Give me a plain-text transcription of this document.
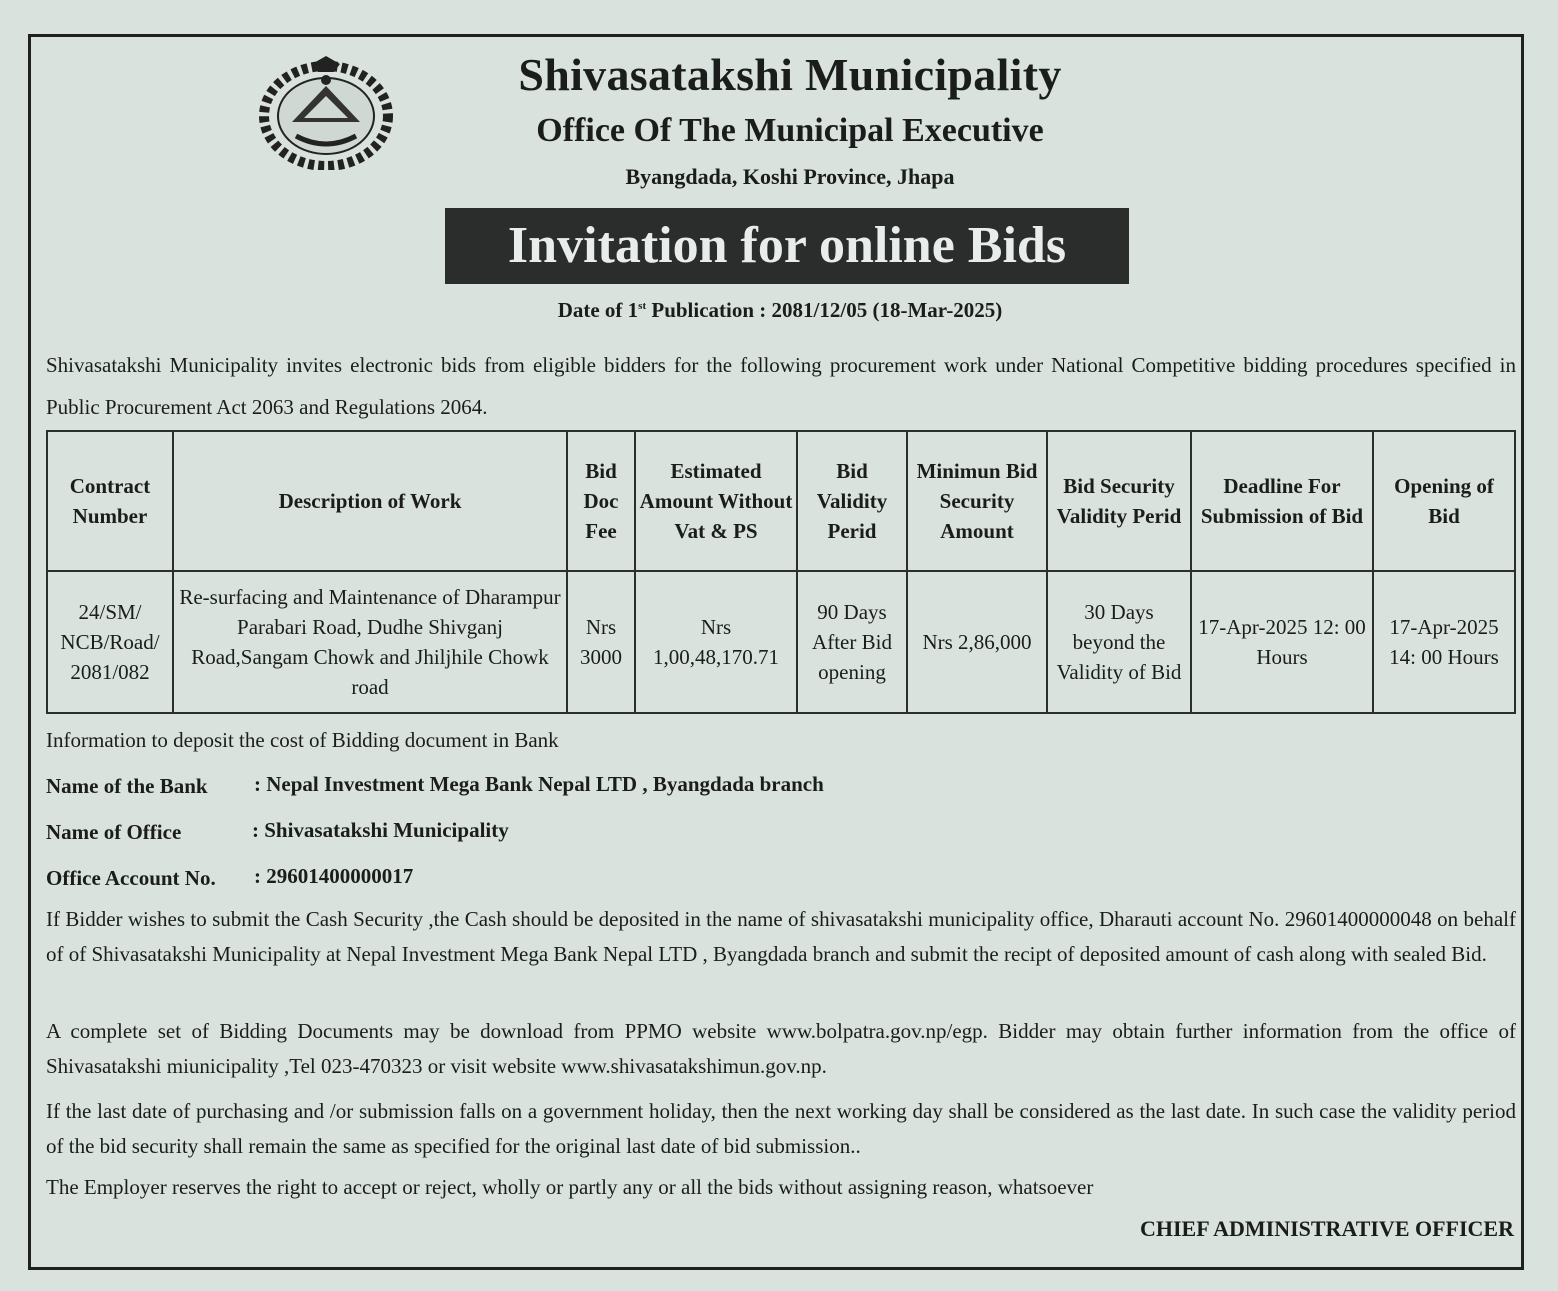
Shivasatakshi Municipality
Office Of The Municipal Executive
Byangdada, Koshi Province, Jhapa
Invitation for online Bids
Date of 1st Publication : 2081/12/05 (18-Mar-2025)
Shivasatakshi Municipality invites electronic bids from eligible bidders for the following procurement work under National Competitive bidding procedures specified in Public Procurement Act 2063 and Regulations 2064.
Contract Number	Description of Work	Bid Doc Fee	Estimated Amount Without Vat & PS	Bid Validity Perid	Minimun Bid Security Amount	Bid Security Validity Perid	Deadline For Submission of Bid	Opening of Bid
24/SM/ NCB/Road/ 2081/082	Re-surfacing and Maintenance of Dharampur Parabari Road, Dudhe Shivganj Road,Sangam Chowk and Jhiljhile Chowk road	Nrs 3000	Nrs 1,00,48,170.71	90 Days After Bid opening	Nrs 2,86,000	30 Days beyond the Validity of Bid	17-Apr-2025 12: 00 Hours	17-Apr-2025 14: 00 Hours
Information to deposit the cost of Bidding document in Bank
Name of the Bank : Nepal Investment Mega Bank Nepal LTD , Byangdada branch
Name of Office	: Shivasatakshi Municipality
Office Account No. : 29601400000017
If Bidder wishes to submit the Cash Security ,the Cash should be deposited in the name of shivasatakshi municipality office, Dharauti account No. 29601400000048 on behalf of of Shivasatakshi Municipality at Nepal Investment Mega Bank Nepal LTD , Byangdada branch and submit the recipt of deposited amount of cash along with sealed Bid.
A complete set of Bidding Documents may be download from PPMO website www.bolpatra.gov.np/egp. Bidder may obtain further information from the office of Shivasatakshi miunicipality ,Tel 023-470323 or visit website www.shivasatakshimun.gov.np.
If the last date of purchasing and /or submission falls on a government holiday, then the next working day shall be considered as the last date. In such case the validity period of the bid security shall remain the same as specified for the original last date of bid submission..
The Employer reserves the right to accept or reject, wholly or partly any or all the bids without assigning reason, whatsoever
CHIEF ADMINISTRATIVE OFFICER
